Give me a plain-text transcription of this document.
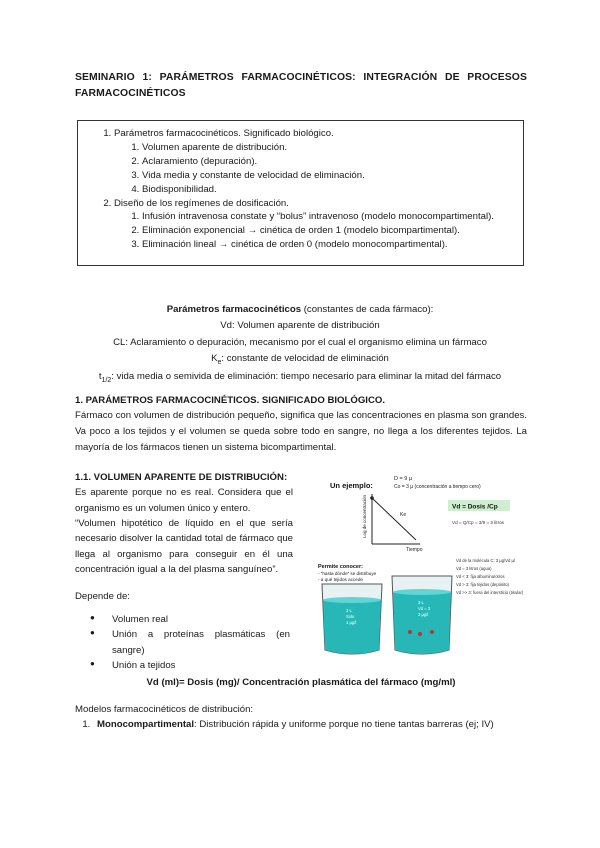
SEMINARIO 1: PARÁMETROS FARMACOCINÉTICOS: INTEGRACIÓN DE PROCESOS FARMACOCINÉTICOS
1. Parámetros farmacocinéticos. Significado biológico.
1. Volumen aparente de distribución.
2. Aclaramiento (depuración).
3. Vida media y constante de velocidad de eliminación.
4. Biodisponibilidad.
2. Diseño de los regímenes de dosificación.
1. Infusión intravenosa constate y “bolus” intravenoso (modelo monocompartimental).
2. Eliminación exponencial → cinética de orden 1 (modelo bicompartimental).
3. Eliminación lineal → cinética de orden 0 (modelo monocompartimental).
Parámetros farmacocinéticos (constantes de cada fármaco):
Vd: Volumen aparente de distribución
CL: Aclaramiento o depuración, mecanismo por el cual el organismo elimina un fármaco
$K_e$: constante de velocidad de eliminación
$t_{1/2}$: vida media o semivida de eliminación: tiempo necesario para eliminar la mitad del fármaco
1. PARÁMETROS FARMACOCINÉTICOS. SIGNIFICADO BIOLÓGICO.
Fármaco con volumen de distribución pequeño, significa que las concentraciones en plasma son grandes. Va poco a los tejidos y el volumen se queda sobre todo en sangre, no llega a los diferentes tejidos. La mayoría de los fármacos tienen un sistema bicompartimental.
1.1. VOLUMEN APARENTE DE DISTRIBUCIÓN:
Es aparente porque no es real. Considera que el organismo es un volumen único y entero.
“Volumen hipotético de líquido en el que sería necesario disolver la cantidad total de fármaco que llega al organismo para conseguir en él una concentración igual a la del plasma sanguíneo”.
Depende de:
● Volumen real
● Unión a proteínas plasmáticas (en sangre)
● Unión a tejidos
Vd (ml)= Dosis (mg)/ Concentración plasmática del fármaco (mg/ml)
Modelos farmacocinéticos de distribución:
1. Monocompartimental: Distribución rápida y uniforme porque no tiene tantas barreras (ej; IV)
Un ejemplo:
D = 9 µ
Co = 3 µ (concentración a tiempo cero)
Log de concentración	Ke
Tiempo
Vd = Dosis /Cp
Vd = Q/Cp = 3/9 = 3 litros
Permite conocer:
- “hasta dónde” se distribuye
- a qué tejidos accede
Vd de la molécula C: 3 µg/Vd µl
Vd = 3 litros (agua)
Vd < 3: fija albumina/otros
Vd > 3: fija tejidos (depósito)
Vd >> 3: fuera del intersticio (tisular)
3 L
Solo
1 µg/l
3 L
Vd = 3
3 µg/l
